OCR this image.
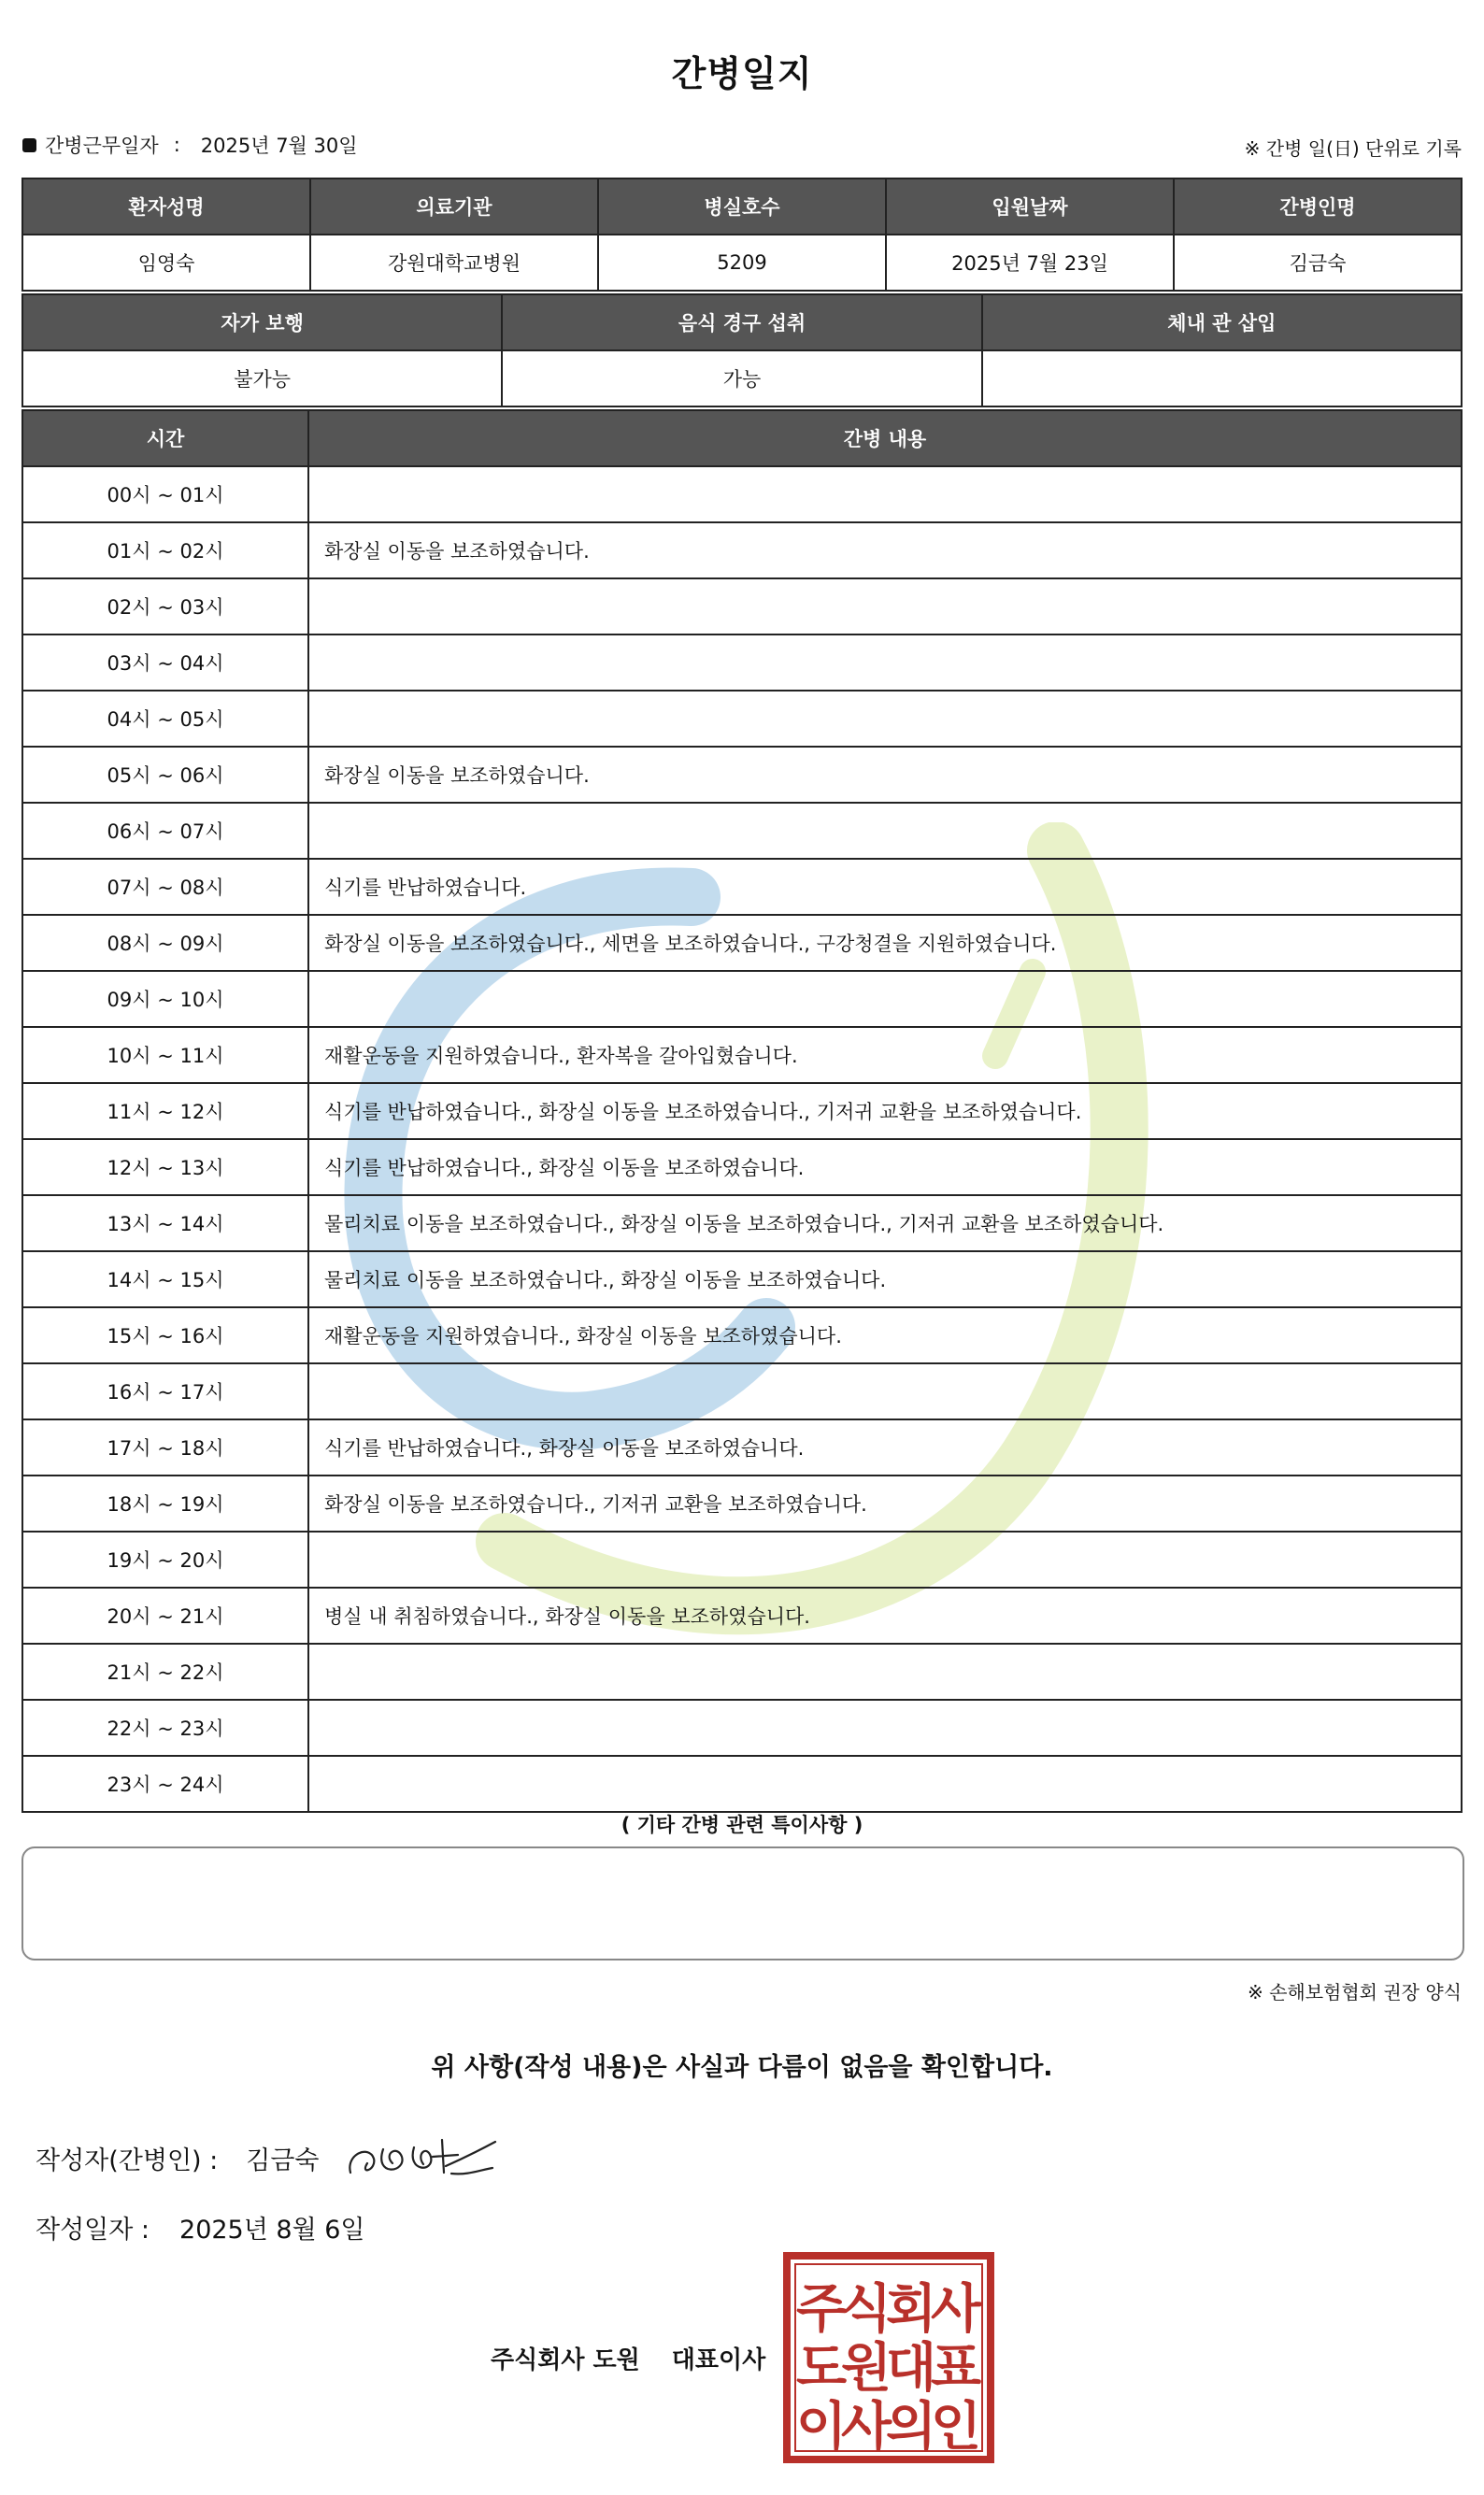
간병일지
간병근무일자 : 2025년 7월 30일	※ 간병 일(日) 단위로 기록
환자성명	의료기관	병실호수	입원날짜	간병인명
임영숙	강원대학교병원	5209	2025년 7월 23일	김금숙
자가 보행	음식 경구 섭취	체내 관 삽입
불가능	가능	
시간	간병 내용
00시 ~ 01시	
01시 ~ 02시	화장실 이동을 보조하였습니다.
02시 ~ 03시	
03시 ~ 04시	
04시 ~ 05시	
05시 ~ 06시	화장실 이동을 보조하였습니다.
06시 ~ 07시	
07시 ~ 08시	식기를 반납하였습니다.
08시 ~ 09시	화장실 이동을 보조하였습니다., 세면을 보조하였습니다., 구강청결을 지원하였습니다.
09시 ~ 10시	
10시 ~ 11시	재활운동을 지원하였습니다., 환자복을 갈아입혔습니다.
11시 ~ 12시	식기를 반납하였습니다., 화장실 이동을 보조하였습니다., 기저귀 교환을 보조하였습니다.
12시 ~ 13시	식기를 반납하였습니다., 화장실 이동을 보조하였습니다.
13시 ~ 14시	물리치료 이동을 보조하였습니다., 화장실 이동을 보조하였습니다., 기저귀 교환을 보조하였습니다.
14시 ~ 15시	물리치료 이동을 보조하였습니다., 화장실 이동을 보조하였습니다.
15시 ~ 16시	재활운동을 지원하였습니다., 화장실 이동을 보조하였습니다.
16시 ~ 17시	
17시 ~ 18시	식기를 반납하였습니다., 화장실 이동을 보조하였습니다.
18시 ~ 19시	화장실 이동을 보조하였습니다., 기저귀 교환을 보조하였습니다.
19시 ~ 20시	
20시 ~ 21시	병실 내 취침하였습니다., 화장실 이동을 보조하였습니다.
21시 ~ 22시	
22시 ~ 23시	
23시 ~ 24시	
( 기타 간병 관련 특이사항 )
※ 손해보험협회 권장 양식
위 사항(작성 내용)은 사실과 다름이 없음을 확인합니다.
작성자(간병인) : 김금숙
작성일자 : 2025년 8월 6일
주식회사 도원 대표이사
주
식
회
사
도
원
대
표
이
사
의
인
